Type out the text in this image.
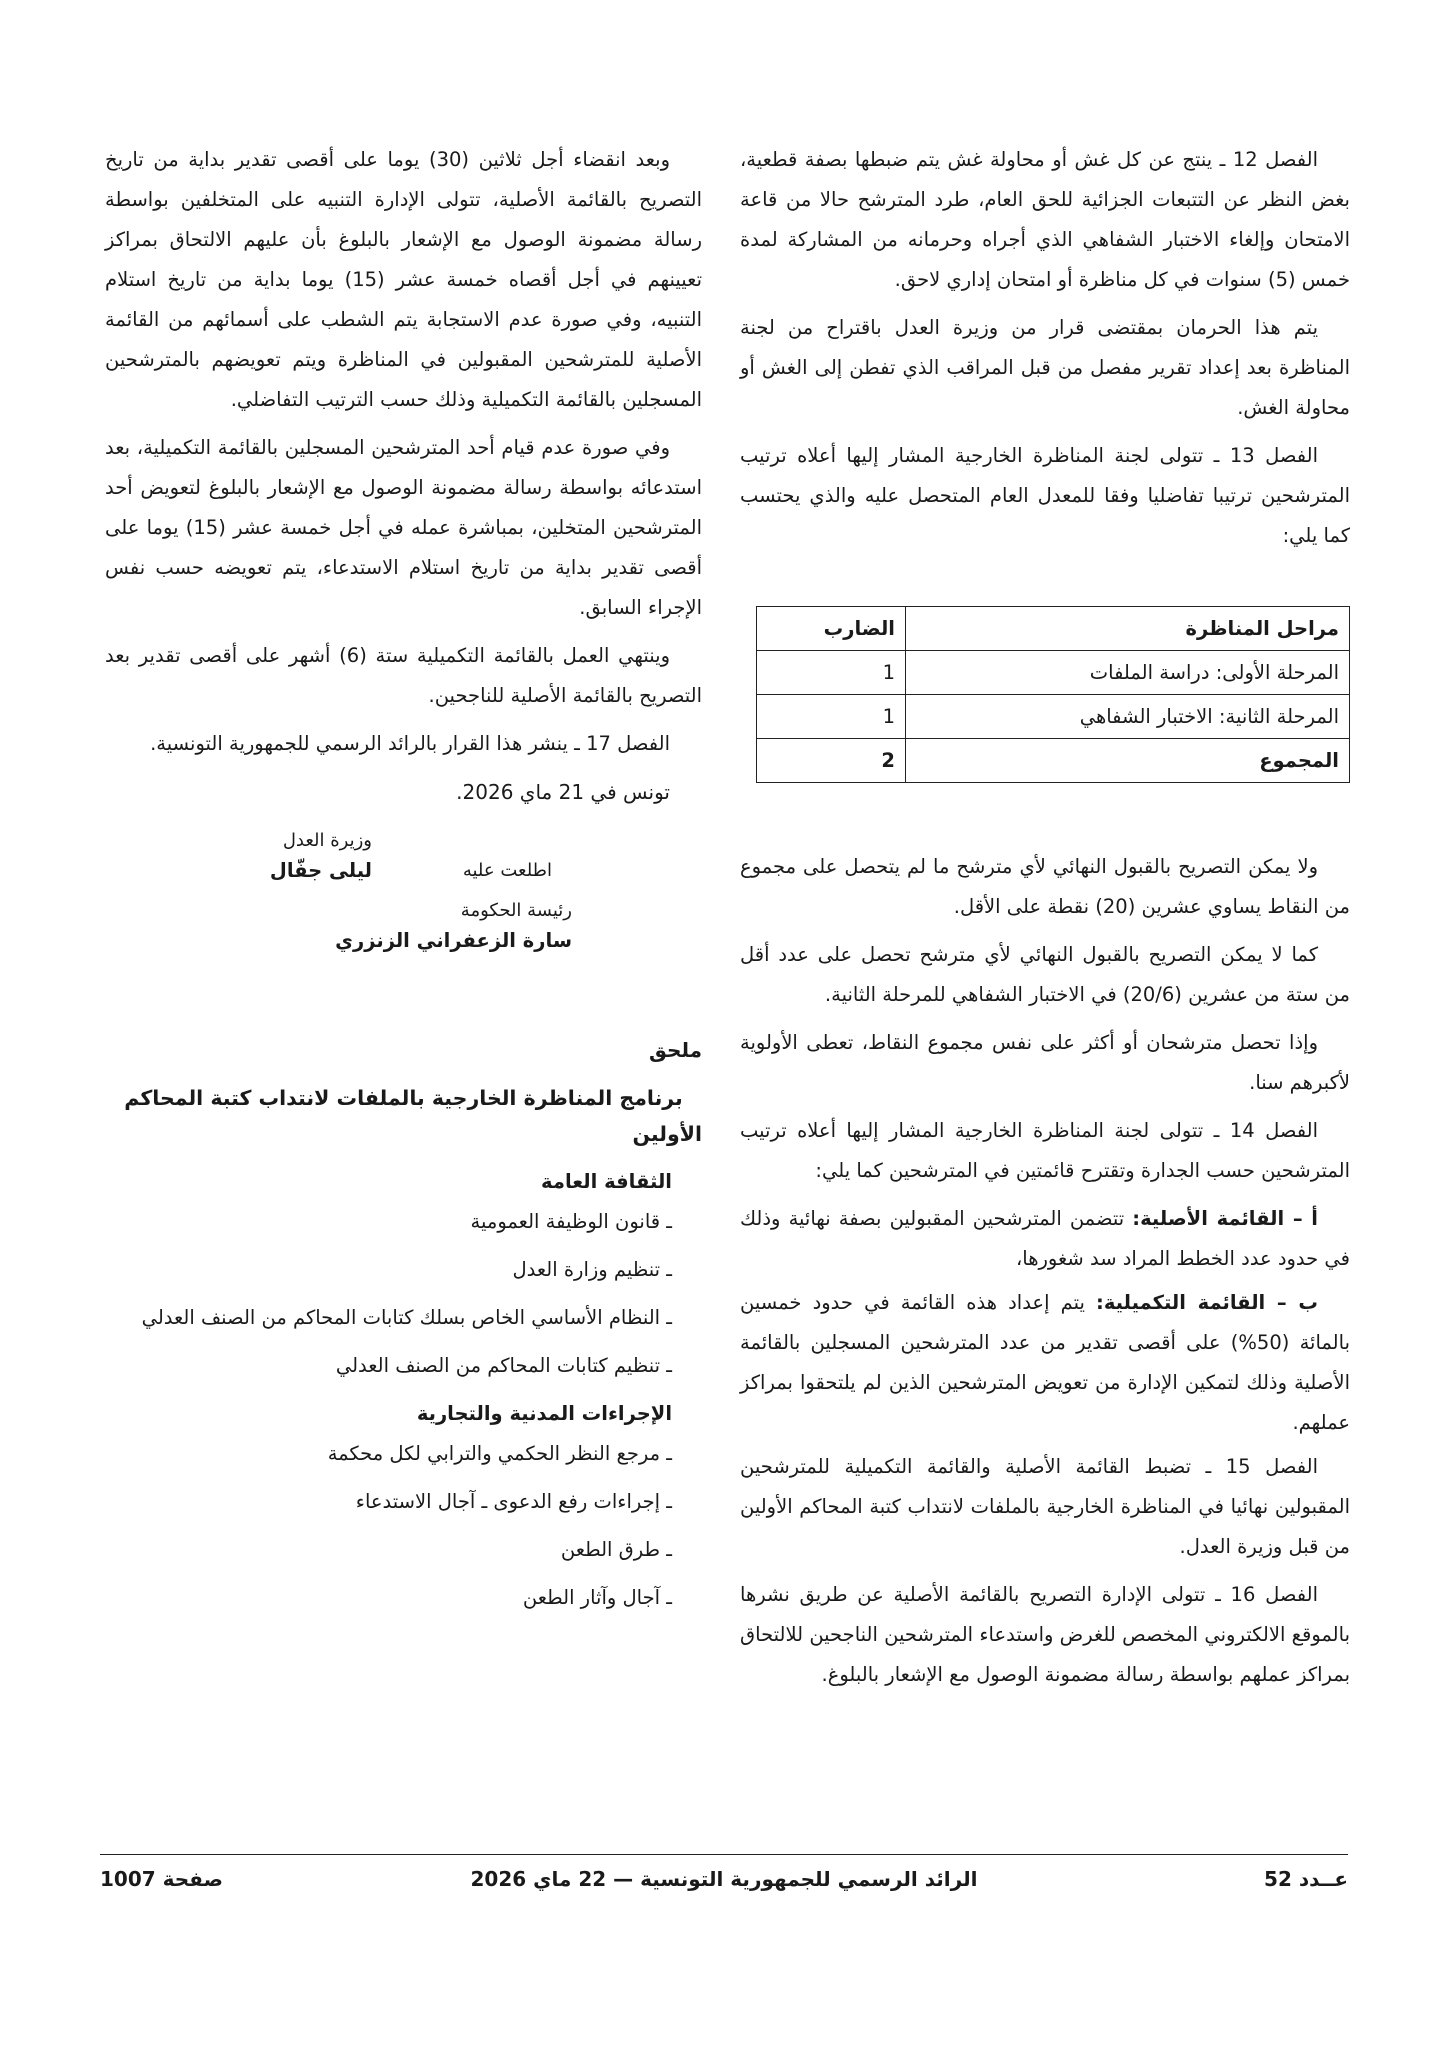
الفصل 12 ـ ينتج عن كل غش أو محاولة غش يتم ضبطها بصفة قطعية، بغض النظر عن التتبعات الجزائية للحق العام، طرد المترشح حالا من قاعة الامتحان وإلغاء الاختبار الشفاهي الذي أجراه وحرمانه من المشاركة لمدة خمس (5) سنوات في كل مناظرة أو امتحان إداري لاحق.

يتم هذا الحرمان بمقتضى قرار من وزيرة العدل باقتراح من لجنة المناظرة بعد إعداد تقرير مفصل من قبل المراقب الذي تفطن إلى الغش أو محاولة الغش.

الفصل 13 ـ تتولى لجنة المناظرة الخارجية المشار إليها أعلاه ترتيب المترشحين ترتيبا تفاضليا وفقا للمعدل العام المتحصل عليه والذي يحتسب كما يلي:

مراحل المناظرة	الضارب
المرحلة الأولى: دراسة الملفات	1
المرحلة الثانية: الاختبار الشفاهي	1
المجموع	2

ولا يمكن التصريح بالقبول النهائي لأي مترشح ما لم يتحصل على مجموع من النقاط يساوي عشرين (20) نقطة على الأقل.

كما لا يمكن التصريح بالقبول النهائي لأي مترشح تحصل على عدد أقل من ستة من عشرين (20/6) في الاختبار الشفاهي للمرحلة الثانية.

وإذا تحصل مترشحان أو أكثر على نفس مجموع النقاط، تعطى الأولوية لأكبرهم سنا.

الفصل 14 ـ تتولى لجنة المناظرة الخارجية المشار إليها أعلاه ترتيب المترشحين حسب الجدارة وتقترح قائمتين في المترشحين كما يلي:

أ – القائمة الأصلية: تتضمن المترشحين المقبولين بصفة نهائية وذلك في حدود عدد الخطط المراد سد شغورها،

ب – القائمة التكميلية: يتم إعداد هذه القائمة في حدود خمسين بالمائة (50%) على أقصى تقدير من عدد المترشحين المسجلين بالقائمة الأصلية وذلك لتمكين الإدارة من تعويض المترشحين الذين لم يلتحقوا بمراكز عملهم.

الفصل 15 ـ تضبط القائمة الأصلية والقائمة التكميلية للمترشحين المقبولين نهائيا في المناظرة الخارجية بالملفات لانتداب كتبة المحاكم الأولين من قبل وزيرة العدل.

الفصل 16 ـ تتولى الإدارة التصريح بالقائمة الأصلية عن طريق نشرها بالموقع الالكتروني المخصص للغرض واستدعاء المترشحين الناجحين للالتحاق بمراكز عملهم بواسطة رسالة مضمونة الوصول مع الإشعار بالبلوغ.

وبعد انقضاء أجل ثلاثين (30) يوما على أقصى تقدير بداية من تاريخ التصريح بالقائمة الأصلية، تتولى الإدارة التنبيه على المتخلفين بواسطة رسالة مضمونة الوصول مع الإشعار بالبلوغ بأن عليهم الالتحاق بمراكز تعيينهم في أجل أقصاه خمسة عشر (15) يوما بداية من تاريخ استلام التنبيه، وفي صورة عدم الاستجابة يتم الشطب على أسمائهم من القائمة الأصلية للمترشحين المقبولين في المناظرة ويتم تعويضهم بالمترشحين المسجلين بالقائمة التكميلية وذلك حسب الترتيب التفاضلي.

وفي صورة عدم قيام أحد المترشحين المسجلين بالقائمة التكميلية، بعد استدعائه بواسطة رسالة مضمونة الوصول مع الإشعار بالبلوغ لتعويض أحد المترشحين المتخلين، بمباشرة عمله في أجل خمسة عشر (15) يوما على أقصى تقدير بداية من تاريخ استلام الاستدعاء، يتم تعويضه حسب نفس الإجراء السابق.

وينتهي العمل بالقائمة التكميلية ستة (6) أشهر على أقصى تقدير بعد التصريح بالقائمة الأصلية للناجحين.

الفصل 17 ـ ينشر هذا القرار بالرائد الرسمي للجمهورية التونسية.

تونس في 21 ماي 2026.
وزيرة العدل
ليلى جفّال	اطلعت عليه
رئيسة الحكومة
سارة الزعفراني الزنزري
ملحق
برنامج المناظرة الخارجية بالملفات لانتداب كتبة المحاكم الأولين
الثقافة العامة

ـ قانون الوظيفة العمومية

ـ تنظيم وزارة العدل

ـ النظام الأساسي الخاص بسلك كتابات المحاكم من الصنف العدلي

ـ تنظيم كتابات المحاكم من الصنف العدلي

الإجراءات المدنية والتجارية

ـ مرجع النظر الحكمي والترابي لكل محكمة

ـ إجراءات رفع الدعوى ـ آجال الاستدعاء

ـ طرق الطعن

ـ آجال وآثار الطعن

عــدد 52
الرائد الرسمي للجمهورية التونسية — 22 ماي 2026
صفحة 1007
